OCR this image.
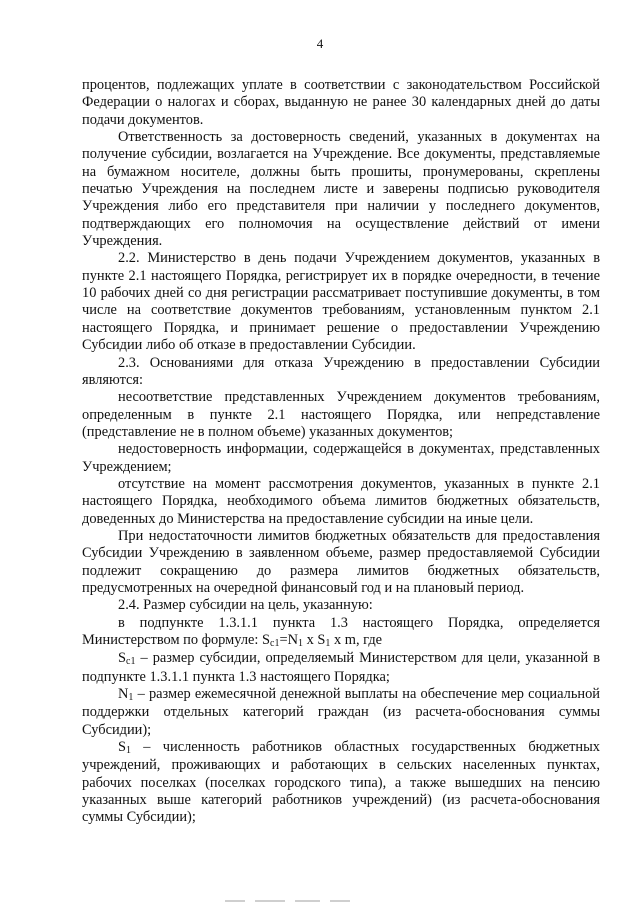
4

процентов, подлежащих уплате в соответствии с законодательством Российской Федерации о налогах и сборах, выданную не ранее 30 календарных дней до даты подачи документов.

Ответственность за достоверность сведений, указанных в документах на получение субсидии, возлагается на Учреждение. Все документы, представляемые на бумажном носителе, должны быть прошиты, пронумерованы, скреплены печатью Учреждения на последнем листе и заверены подписью руководителя Учреждения либо его представителя при наличии у последнего документов, подтверждающих его полномочия на осуществление действий от имени Учреждения.

2.2. Министерство в день подачи Учреждением документов, указанных в пункте 2.1 настоящего Порядка, регистрирует их в порядке очередности, в течение 10 рабочих дней со дня регистрации рассматривает поступившие документы, в том числе на соответствие документов требованиям, установленным пунктом 2.1 настоящего Порядка, и принимает решение о предоставлении Учреждению Субсидии либо об отказе в предоставлении Субсидии.

2.3. Основаниями для отказа Учреждению в предоставлении Субсидии являются:

несоответствие представленных Учреждением документов требованиям, определенным в пункте 2.1 настоящего Порядка, или непредставление (представление не в полном объеме) указанных документов;

недостоверность информации, содержащейся в документах, представленных Учреждением;

отсутствие на момент рассмотрения документов, указанных в пункте 2.1 настоящего Порядка, необходимого объема лимитов бюджетных обязательств, доведенных до Министерства на предоставление субсидии на иные цели.

При недостаточности лимитов бюджетных обязательств для предоставления Субсидии Учреждению в заявленном объеме, размер предоставляемой Субсидии подлежит сокращению до размера лимитов бюджетных обязательств, предусмотренных на очередной финансовый год и на плановый период.

2.4. Размер субсидии на цель, указанную:

в подпункте 1.3.1.1 пункта 1.3 настоящего Порядка, определяется Министерством по формуле: $S_{c1}=N_1$ x $S_1$ x m, где

$S_{c1}$ – размер субсидии, определяемый Министерством для цели, указанной в подпункте 1.3.1.1 пункта 1.3 настоящего Порядка;

$N_1$ – размер ежемесячной денежной выплаты на обеспечение мер социальной поддержки отдельных категорий граждан (из расчета-обоснования суммы Субсидии);

$S_1$ – численность работников областных государственных бюджетных учреждений, проживающих и работающих в сельских населенных пунктах, рабочих поселках (поселках городского типа), а также вышедших на пенсию указанных выше категорий работников учреждений) (из расчета-обоснования суммы Субсидии);
